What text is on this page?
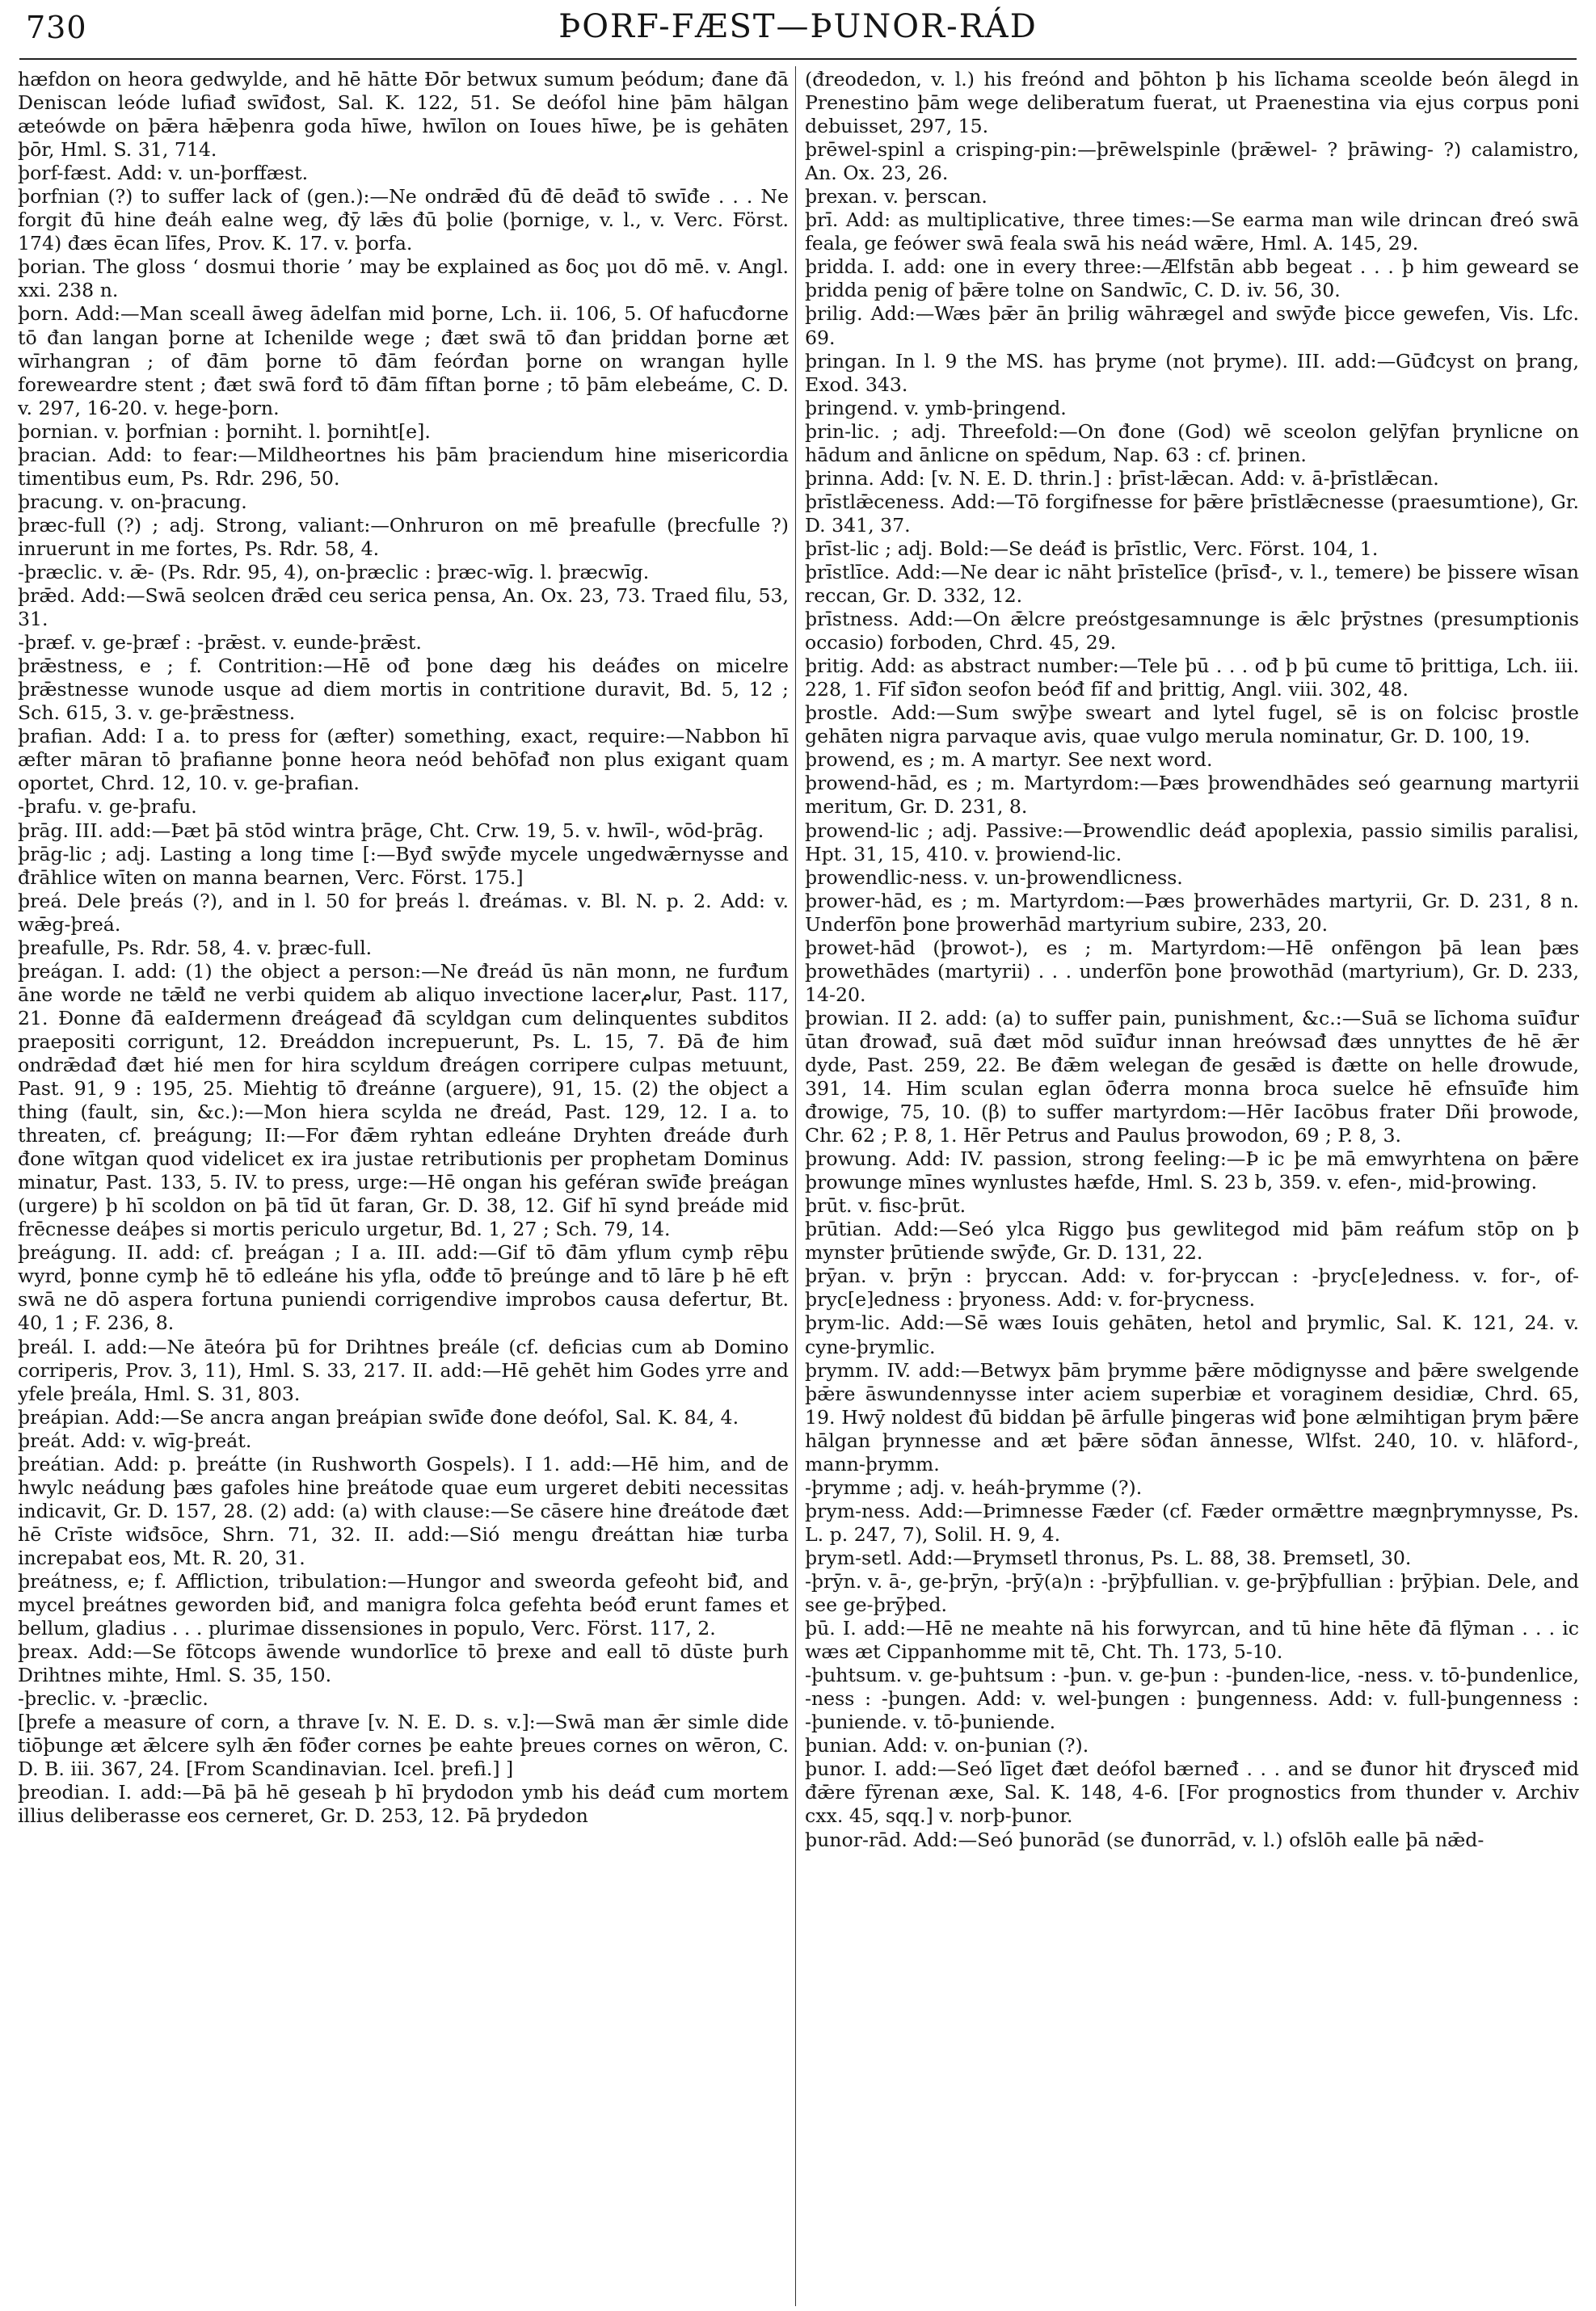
730	ÞORF-FÆST—ÞUNOR-RÁD

hæfdon on heora gedwylde, and hē hātte Đōr betwux sumum þeódum; đane đā Deniscan leóde lufiađ swīđost, Sal. K. 122, 51. Se deófol hine þām hālgan æteówde on þǣra hǣþenra goda hīwe, hwīlon on Ioues hīwe, þe is gehāten þōr, Hml. S. 31, 714.

þorf-fæst. Add: v. un-þorffæst.

þorfnian (?) to suffer lack of (gen.):—Ne ondrǣd đū đē deāđ tō swīđe . . . Ne forgit đū hine đeáh ealne weg, đȳ lǣs đū þolie (þornige, v. l., v. Verc. Först. 174) đæs ēcan līfes, Prov. K. 17. v. þorfa.

þorian. The gloss ‘ dosmui thorie ’ may be explained as δος μοι dō mē. v. Angl. xxi. 238 n.

þorn. Add:—Man sceall āweg ādelfan mid þorne, Lch. ii. 106, 5. Of hafucđorne tō đan langan þorne at Ichenilde wege ; đæt swā tō đan þriddan þorne æt wīrhangran ; of đām þorne tō đām feórđan þorne on wrangan hylle foreweardre stent ; đæt swā forđ tō đām fīftan þorne ; tō þām elebeáme, C. D. v. 297, 16-20. v. hege-þorn.

þornian. v. þorfnian : þorniht. l. þorniht[e].

þracian. Add: to fear:—Mildheortnes his þām þraciendum hine misericordia timentibus eum, Ps. Rdr. 296, 50.

þracung. v. on-þracung.

þræc-full (?) ; adj. Strong, valiant:—Onhruron on mē þreafulle (þrecfulle ?) inruerunt in me fortes, Ps. Rdr. 58, 4.

-þræclic. v. ǣ- (Ps. Rdr. 95, 4), on-þræclic : þræc-wīg. l. þræcwīg.

þrǣd. Add:—Swā seolcen đrǣd ceu serica pensa, An. Ox. 23, 73. Traed filu, 53, 31.

-þræf. v. ge-þræf : -þrǣst. v. eunde-þrǣst.

þrǣstness, e ; f. Contrition:—Hē ođ þone dæg his deáđes on micelre þrǣstnesse wunode usque ad diem mortis in contritione duravit, Bd. 5, 12 ; Sch. 615, 3. v. ge-þrǣstness.

þrafian. Add: I a. to press for (æfter) something, exact, require:—Nabbon hī æfter māran tō þrafianne þonne heora neód behōfađ non plus exigant quam oportet, Chrd. 12, 10. v. ge-þrafian.

-þrafu. v. ge-þrafu.

þrāg. III. add:—Þæt þā stōd wintra þrāge, Cht. Crw. 19, 5. v. hwīl-, wōd-þrāg.

þrāg-lic ; adj. Lasting a long time [:—Byđ swȳđe mycele ungedwǣrnysse and đrāhlice wīten on manna bearnen, Verc. Först. 175.]

þreá. Dele þreás (?), and in l. 50 for þreás l. đreámas. v. Bl. N. p. 2. Add: v. wǣg-þreá.

þreafulle, Ps. Rdr. 58, 4. v. þræc-full.

þreágan. I. add: (1) the object a person:—Ne đreád ūs nān monn, ne furđum āne worde ne tǣlđ ne verbi quidem ab aliquo invectione lacerامur, Past. 117, 21. Đonne đā eaIdermenn đreágeađ đā scyldgan cum delinquentes subditos praepositi corrigunt, 12. Đreáddon increpuerunt, Ps. L. 15, 7. Đā đe him ondrǣdađ đæt hié men for hira scyldum đreágen corripere culpas metuunt, Past. 91, 9 : 195, 25. Miehtig tō đreánne (arguere), 91, 15. (2) the object a thing (fault, sin, &c.):—Mon hiera scylda ne đreád, Past. 129, 12. I a. to threaten, cf. þreágung; II:—For đǣm ryhtan edleáne Dryhten đreáde đurh đone wītgan quod videlicet ex ira justae retributionis per prophetam Dominus minatur, Past. 133, 5. IV. to press, urge:—Hē ongan his geféran swīđe þreágan (urgere) þ hī scoldon on þā tīd ūt faran, Gr. D. 38, 12. Gif hī synd þreáde mid frēcnesse deáþes si mortis periculo urgetur, Bd. 1, 27 ; Sch. 79, 14.

þreágung. II. add: cf. þreágan ; I a. III. add:—Gif tō đām yflum cymþ rēþu wyrd, þonne cymþ hē tō edleáne his yfla, ođđe tō þreúnge and tō lāre þ hē eft swā ne dō aspera fortuna puniendi corrigendive improbos causa defertur, Bt. 40, 1 ; F. 236, 8.

þreál. I. add:—Ne āteóra þū for Drihtnes þreále (cf. deficias cum ab Domino corriperis, Prov. 3, 11), Hml. S. 33, 217. II. add:—Hē gehēt him Godes yrre and yfele þreála, Hml. S. 31, 803.

þreápian. Add:—Se ancra angan þreápian swīđe đone deófol, Sal. K. 84, 4.

þreát. Add: v. wīg-þreát.

þreátian. Add: p. þreátte (in Rushworth Gospels). I 1. add:—Hē him, and de hwylc neádung þæs gafoles hine þreátode quae eum urgeret debiti necessitas indicavit, Gr. D. 157, 28. (2) add: (a) with clause:—Se cāsere hine đreátode đæt hē Crīste wiđsōce, Shrn. 71, 32. II. add:—Sió mengu đreáttan hiæ turba increpabat eos, Mt. R. 20, 31.

þreátness, e; f. Affliction, tribulation:—Hungor and sweorda gefeoht biđ, and mycel þreátnes geworden biđ, and manigra folca gefehta beóđ erunt fames et bellum, gladius . . . plurimae dissensiones in populo, Verc. Först. 117, 2.

þreax. Add:—Se fōtcops āwende wundorlīce tō þrexe and eall tō dūste þurh Drihtnes mihte, Hml. S. 35, 150.

-þreclic. v. -þræclic.

[þrefe a measure of corn, a thrave [v. N. E. D. s. v.]:—Swā man ǣr simle dide tiōþunge æt ǣlcere sylh ǣn fōđer cornes þe eahte þreues cornes on wēron, C. D. B. iii. 367, 24. [From Scandinavian. Icel. þrefi.] ]

þreodian. I. add:—Þā þā hē geseah þ hī þrydodon ymb his deáđ cum mortem illius deliberasse eos cerneret, Gr. D. 253, 12. Þā þrydedon

(đreodedon, v. l.) his freónd and þōhton þ his līchama sceolde beón ālegd in Prenestino þām wege deliberatum fuerat, ut Praenestina via ejus corpus poni debuisset, 297, 15.

þrēwel-spinl a crisping-pin:—þrēwelspinle (þrǣwel- ? þrāwing- ?) calamistro, An. Ox. 23, 26.

þrexan. v. þerscan.

þrī. Add: as multiplicative, three times:—Se earma man wile drincan đreó swā feala, ge feówer swā feala swā his neád wǣre, Hml. A. 145, 29.

þridda. I. add: one in every three:—Ælfstān abb begeat . . . þ him geweard se þridda penig of þǣre tolne on Sandwīc, C. D. iv. 56, 30.

þrilig. Add:—Wæs þǣr ān þrilig wāhrægel and swȳđe þicce gewefen, Vis. Lfc. 69.

þringan. In l. 9 the MS. has þryme (not þryme). III. add:—Gūđcyst on þrang, Exod. 343.

þringend. v. ymb-þringend.

þrin-lic. ; adj. Threefold:—On đone (God) wē sceolon gelȳfan þrynlicne on hādum and ānlicne on spēdum, Nap. 63 : cf. þrinen.

þrinna. Add: [v. N. E. D. thrin.] : þrīst-lǣcan. Add: v. ā-þrīstlǣcan.

þrīstlǣceness. Add:—Tō forgifnesse for þǣre þrīstlǣcnesse (praesumtione), Gr. D. 341, 37.

þrīst-lic ; adj. Bold:—Se deáđ is þrīstlic, Verc. Först. 104, 1.

þrīstlīce. Add:—Ne dear ic nāht þrīstelīce (þrīsđ-, v. l., temere) be þissere wīsan reccan, Gr. D. 332, 12.

þrīstness. Add:—On ǣlcre preóstgesamnunge is ǣlc þrȳstnes (presumptionis occasio) forboden, Chrd. 45, 29.

þritig. Add: as abstract number:—Tele þū . . . ođ þ þū cume tō þrittiga, Lch. iii. 228, 1. Fīf sīđon seofon beóđ fīf and þrittig, Angl. viii. 302, 48.

þrostle. Add:—Sum swȳþe sweart and lytel fugel, sē is on folcisc þrostle gehāten nigra parvaque avis, quae vulgo merula nominatur, Gr. D. 100, 19.

þrowend, es ; m. A martyr. See next word.

þrowend-hād, es ; m. Martyrdom:—Þæs þrowendhādes seó gearnung martyrii meritum, Gr. D. 231, 8.

þrowend-lic ; adj. Passive:—Þrowendlic deáđ apoplexia, passio similis paralisi, Hpt. 31, 15, 410. v. þrowiend-lic.

þrowendlic-ness. v. un-þrowendlicness.

þrower-hād, es ; m. Martyrdom:—Þæs þrowerhādes martyrii, Gr. D. 231, 8 n. Underfōn þone þrowerhād martyrium subire, 233, 20.

þrowet-hād (þrowot-), es ; m. Martyrdom:—Hē onfēngon þā lean þæs þrowethādes (martyrii) . . . underfōn þone þrowothād (martyrium), Gr. D. 233, 14-20.

þrowian. II 2. add: (a) to suffer pain, punishment, &c.:—Suā se līchoma suīđur ūtan đrowađ, suā đæt mōd suīđur innan hreówsađ đæs unnyttes đe hē ǣr dyde, Past. 259, 22. Be đǣm welegan đe gesǣd is đætte on helle đrowude, 391, 14. Him sculan eglan ōđerra monna broca suelce hē efnsuīđe him đrowige, 75, 10. (β) to suffer martyrdom:—Hēr Iacōbus frater Dñi þrowode, Chr. 62 ; P. 8, 1. Hēr Petrus and Paulus þrowodon, 69 ; P. 8, 3.

þrowung. Add: IV. passion, strong feeling:—Þ ic þe mā emwyrhtena on þǣre þrowunge mīnes wynlustes hæfde, Hml. S. 23 b, 359. v. efen-, mid-þrowing.

þrūt. v. fisc-þrūt.

þrūtian. Add:—Seó ylca Riggo þus gewlitegod mid þām reáfum stōp on þ mynster þrūtiende swȳđe, Gr. D. 131, 22.

þrȳan. v. þrȳn : þryccan. Add: v. for-þryccan : -þryc[e]edness. v. for-, of-þryc[e]edness : þryoness. Add: v. for-þrycness.

þrym-lic. Add:—Sē wæs Iouis gehāten, hetol and þrymlic, Sal. K. 121, 24. v. cyne-þrymlic.

þrymm. IV. add:—Betwyx þām þrymme þǣre mōdignysse and þǣre swelgende þǣre āswundennysse inter aciem superbiæ et voraginem desidiæ, Chrd. 65, 19. Hwȳ noldest đū biddan þē ārfulle þingeras wiđ þone ælmihtigan þrym þǣre hālgan þrynnesse and æt þǣre sōđan ānnesse, Wlfst. 240, 10. v. hlāford-, mann-þrymm.

-þrymme ; adj. v. heáh-þrymme (?).

þrym-ness. Add:—Þrimnesse Fæder (cf. Fæder ormǣttre mægnþrymnysse, Ps. L. p. 247, 7), Solil. H. 9, 4.

þrym-setl. Add:—Þrymsetl thronus, Ps. L. 88, 38. Þremsetl, 30.

-þrȳn. v. ā-, ge-þrȳn, -þrȳ(a)n : -þrȳþfullian. v. ge-þrȳþfullian : þrȳþian. Dele, and see ge-þrȳþed.

þū. I. add:—Hē ne meahte nā his forwyrcan, and tū hine hēte đā flȳman . . . ic wæs æt Cippanhomme mit tē, Cht. Th. 173, 5-10.

-þuhtsum. v. ge-þuhtsum : -þun. v. ge-þun : -þunden-lice, -ness. v. tō-þundenlice, -ness : -þungen. Add: v. wel-þungen : þungenness. Add: v. full-þungenness : -þuniende. v. tō-þuniende.

þunian. Add: v. on-þunian (?).

þunor. I. add:—Seó līget đæt deófol bærneđ . . . and se đunor hit đrysceđ mid đǣre fȳrenan æxe, Sal. K. 148, 4-6. [For prognostics from thunder v. Archiv cxx. 45, sqq.] v. norþ-þunor.

þunor-rād. Add:—Seó þunorād (se đunorrād, v. l.) ofslōh ealle þā nǣd-
